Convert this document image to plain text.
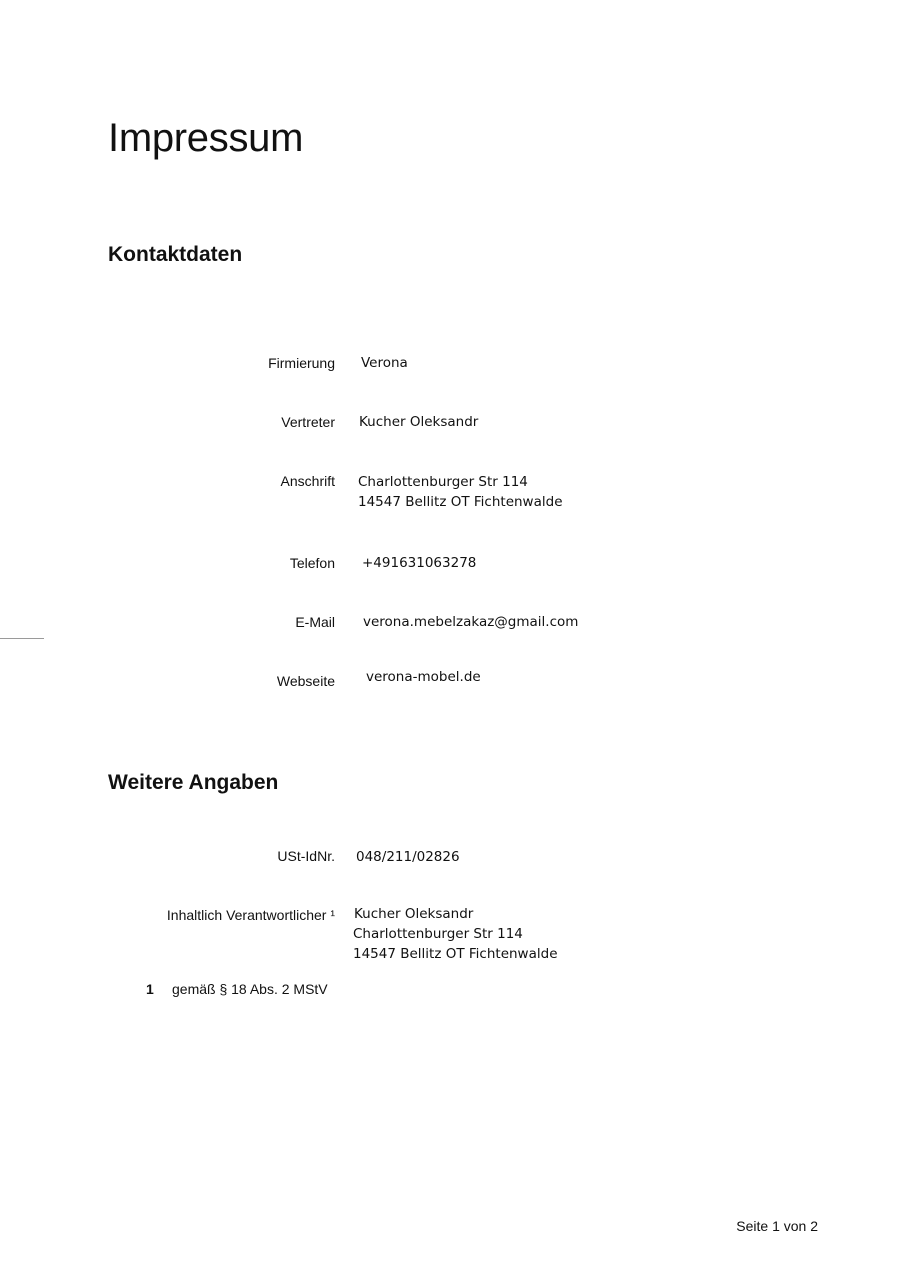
Impressum
Kontaktdaten
Firmierung Verona
Vertreter Kucher Oleksandr
Anschrift Charlottenburger Str 114
14547 Bellitz OT Fichtenwalde
Telefon +491631063278
E-Mail verona.mebelzakaz@gmail.com
Webseite verona-mobel.de
Weitere Angaben
USt-IdNr. 048/211/02826
Inhaltlich Verantwortlicher ¹ Kucher Oleksandr
Charlottenburger Str 114
14547 Bellitz OT Fichtenwalde
1 gemäß § 18 Abs. 2 MStV
Seite 1 von 2
